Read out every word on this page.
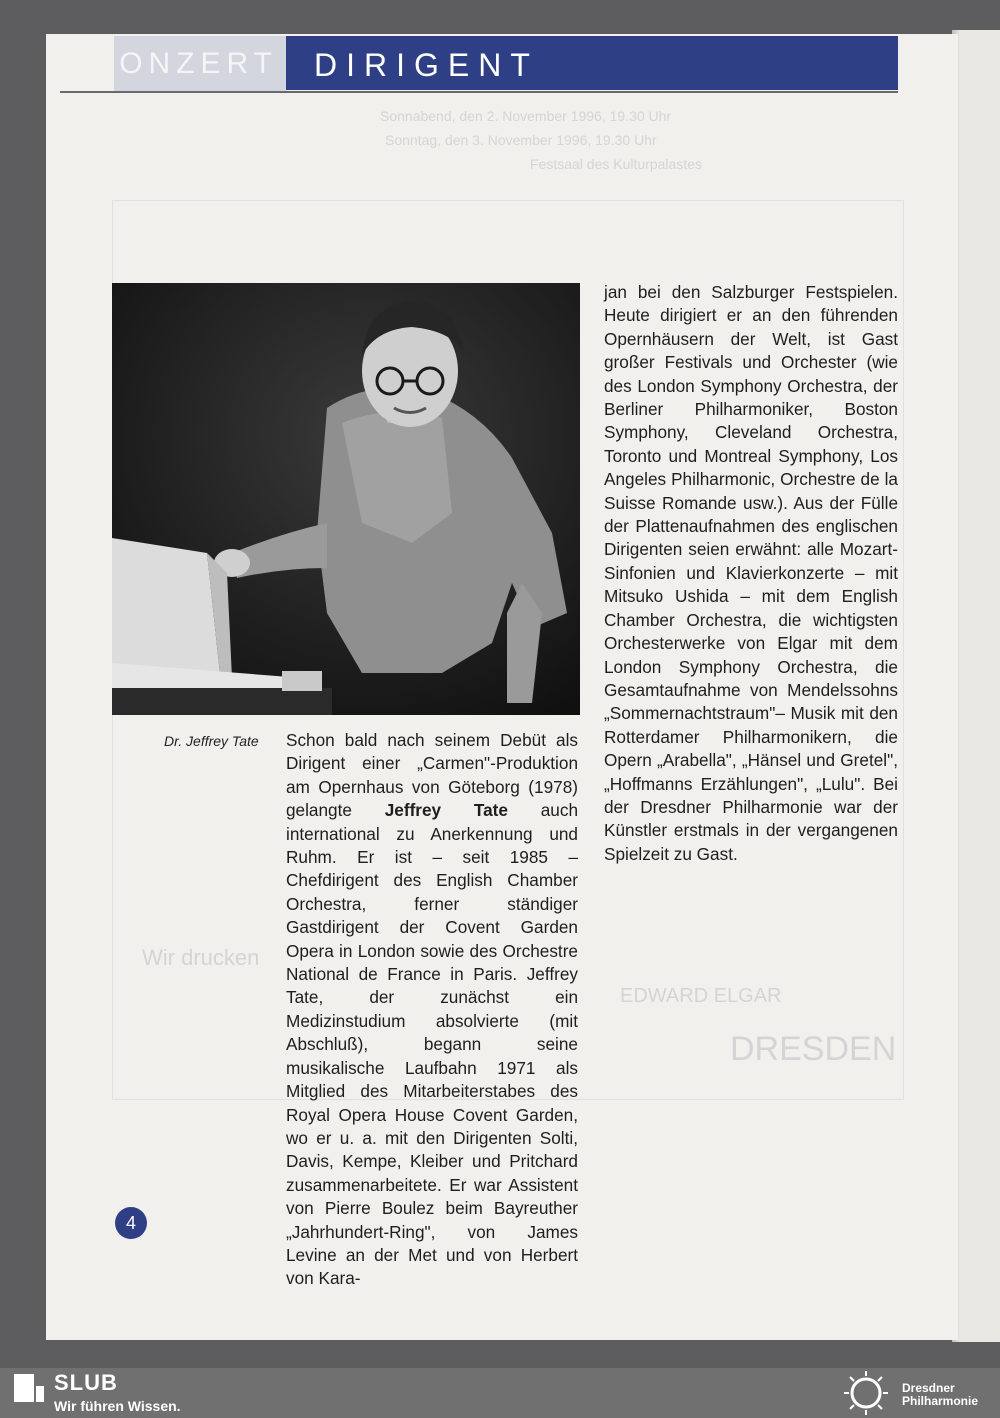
Sonnabend, den 2. November 1996, 19.30 Uhr
Sonntag, den 3. November 1996, 19.30 Uhr
Festsaal des Kulturpalastes
Wir drucken
EDWARD ELGAR
DRESDEN
ONZERT DIRIGENT
Dr. Jeffrey Tate Schon bald nach seinem Debüt als Dirigent einer „Carmen"-Produktion am Opernhaus von Göteborg (1978) gelangte Jeffrey Tate auch international zu Anerkennung und Ruhm. Er ist – seit 1985 – Chefdirigent des English Chamber Orchestra, ferner ständiger Gastdirigent der Covent Garden Opera in London sowie des Orchestre National de France in Paris. Jeffrey Tate, der zunächst ein Medizinstudium absolvierte (mit Abschluß), begann seine musikalische Laufbahn 1971 als Mitglied des Mitarbeiterstabes des Royal Opera House Covent Garden, wo er u. a. mit den Dirigenten Solti, Davis, Kempe, Kleiber und Pritchard zusammenarbeitete. Er war Assistent von Pierre Boulez beim Bayreuther „Jahrhundert-Ring", von James Levine an der Met und von Herbert von Kara-
jan bei den Salzburger Festspielen. Heute dirigiert er an den führenden Opernhäusern der Welt, ist Gast großer Festivals und Orchester (wie des London Symphony Orchestra, der Berliner Philharmoniker, Boston Symphony, Cleveland Orchestra, Toronto und Montreal Symphony, Los Angeles Philharmonic, Orchestre de la Suisse Romande usw.). Aus der Fülle der Plattenaufnahmen des englischen Dirigenten seien erwähnt: alle Mozart-Sinfonien und Klavierkonzerte – mit Mitsuko Ushida – mit dem English Chamber Orchestra, die wichtigsten Orchesterwerke von Elgar mit dem London Symphony Orchestra, die Gesamtaufnahme von Mendelssohns „Sommernachtstraum"– Musik mit den Rotterdamer Philharmonikern, die Opern „Arabella", „Hänsel und Gretel", „Hoffmanns Erzählungen", „Lulu". Bei der Dresdner Philharmonie war der Künstler erstmals in der vergangenen Spielzeit zu Gast.
4
SLUB
Wir führen Wissen.
Dresdner
Philharmonie
